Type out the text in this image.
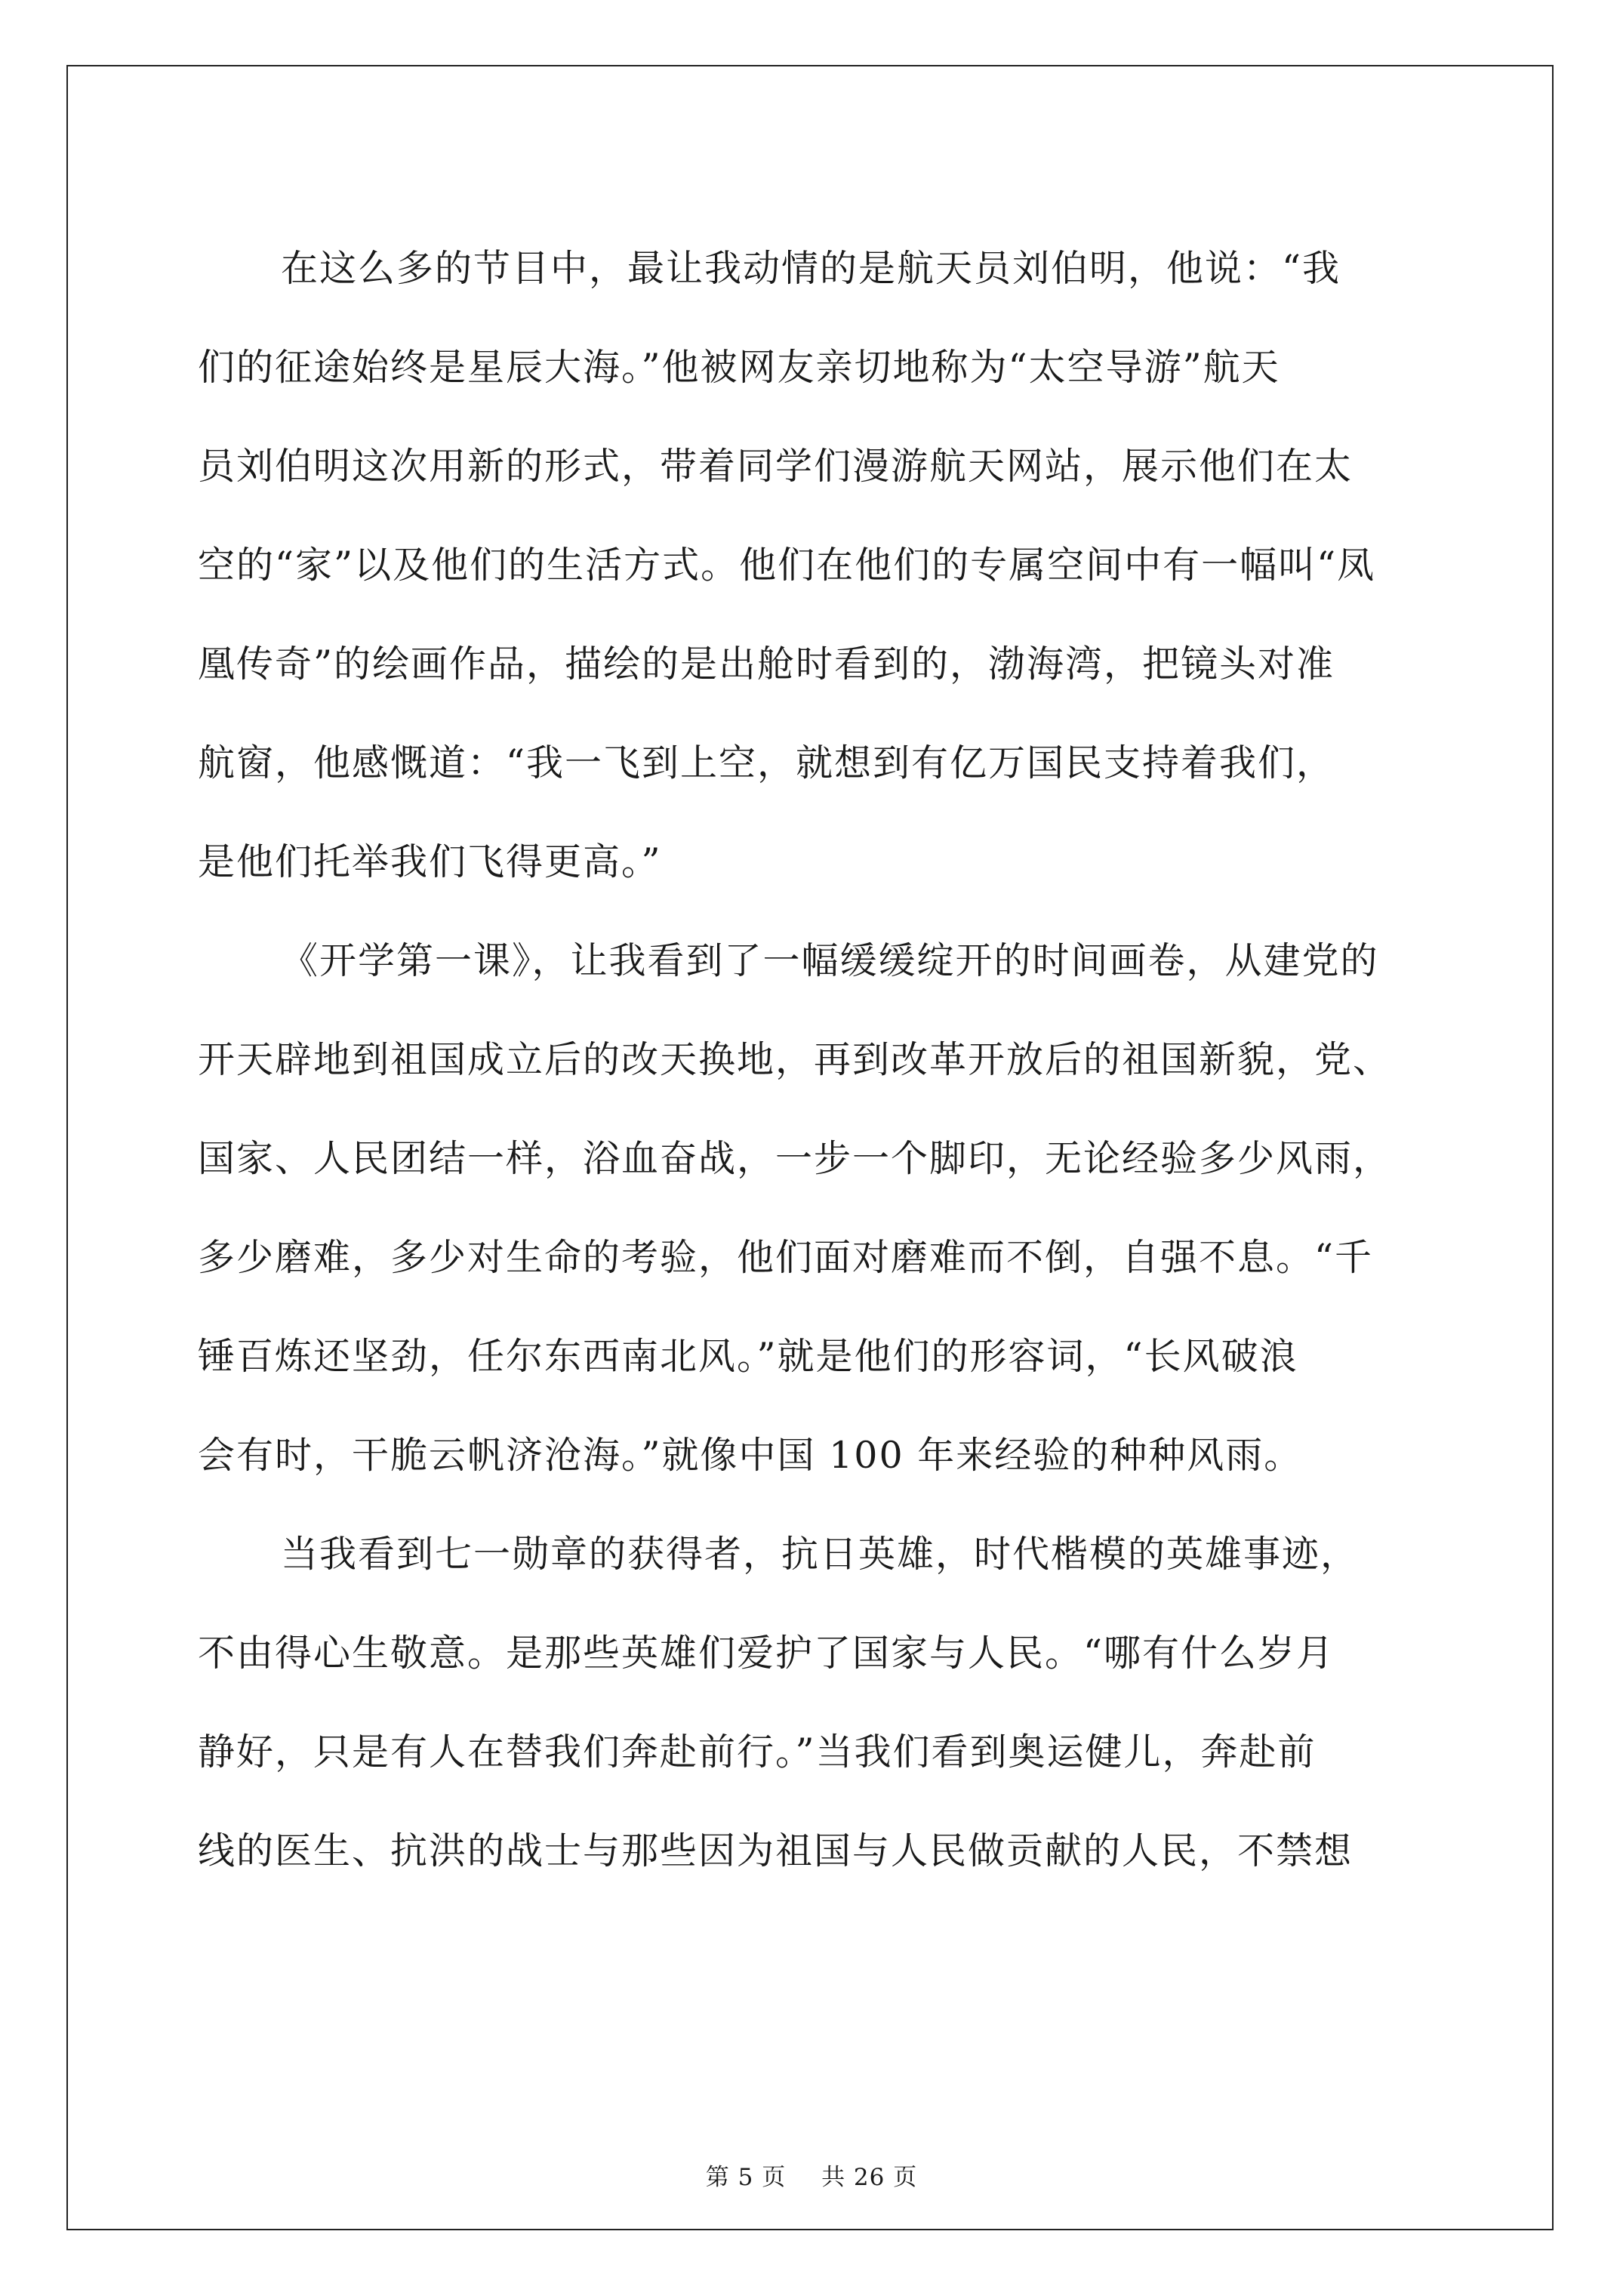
在这么多的节目中，最让我动情的是航天员刘伯明，他说：“我
们的征途始终是星辰大海。”他被网友亲切地称为“太空导游”航天
员刘伯明这次用新的形式，带着同学们漫游航天网站，展示他们在太
空的“家”以及他们的生活方式。他们在他们的专属空间中有一幅叫“凤
凰传奇”的绘画作品，描绘的是出舱时看到的，渤海湾，把镜头对准
航窗，他感慨道：“我一飞到上空，就想到有亿万国民支持着我们，
是他们托举我们飞得更高。”

《开学第一课》，让我看到了一幅缓缓绽开的时间画卷，从建党的
开天辟地到祖国成立后的改天换地，再到改革开放后的祖国新貌，党、
国家、人民团结一样，浴血奋战，一步一个脚印，无论经验多少风雨，
多少磨难，多少对生命的考验，他们面对磨难而不倒，自强不息。“千
锤百炼还坚劲，任尔东西南北风。”就是他们的形容词，“长风破浪
会有时，干脆云帆济沧海。”就像中国 100 年来经验的种种风雨。

当我看到七一勋章的获得者，抗日英雄，时代楷模的英雄事迹，
不由得心生敬意。是那些英雄们爱护了国家与人民。“哪有什么岁月
静好，只是有人在替我们奔赴前行。”当我们看到奥运健儿，奔赴前
线的医生、抗洪的战士与那些因为祖国与人民做贡献的人民，不禁想

第 5 页 共 26 页
